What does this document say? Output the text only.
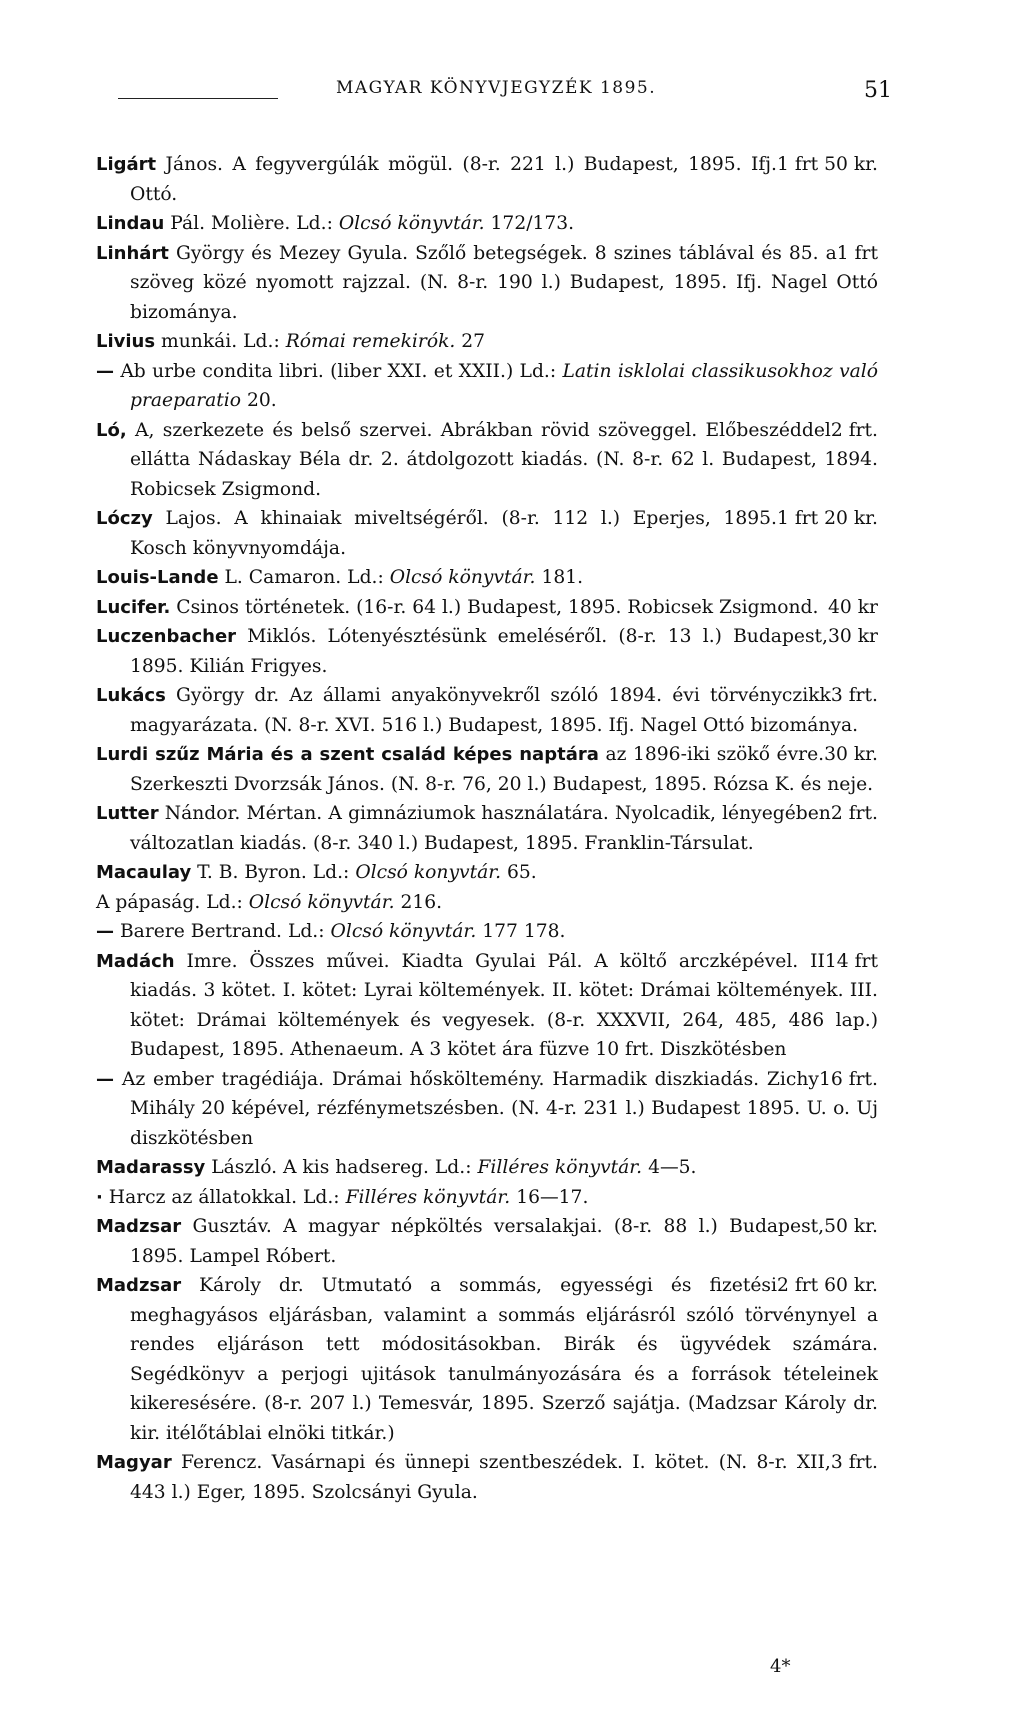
MAGYAR KÖNYVJEGYZÉK 1895.	51

1 frt 50 kr.
Ligárt János. A fegyvergúlák mögül. (8-r. 221 l.) Budapest, 1895. Ifj. Ottó.

Lindau Pál. Molière. Ld.: Olcsó könyvtár. 172/173.

1 frt
Linhárt György és Mezey Gyula. Szőlő betegségek. 8 szines táblával és 85. a szöveg közé nyomott rajzzal. (N. 8-r. 190 l.) Budapest, 1895. Ifj. Nagel Ottó bizománya.

Livius munkái. Ld.: Római remekirók. 27

— Ab urbe condita libri. (liber XXI. et XXII.) Ld.: Latin isklolai classikusokhoz való praeparatio 20.

2 frt.
Ló, A, szerkezete és belső szervei. Abrákban rövid szöveggel. Előbeszéddel ellátta Nádaskay Béla dr. 2. átdolgozott kiadás. (N. 8-r. 62 l. Budapest, 1894. Robicsek Zsigmond.

1 frt 20 kr.
Lóczy Lajos. A khinaiak miveltségéről. (8-r. 112 l.) Eperjes, 1895. Kosch könyvnyomdája.

Louis-Lande L. Camaron. Ld.: Olcsó könyvtár. 181.

40 kr
Lucifer. Csinos történetek. (16-r. 64 l.) Budapest, 1895. Robicsek Zsigmond.

30 kr
Luczenbacher Miklós. Lótenyésztésünk emeléséről. (8-r. 13 l.) Budapest, 1895. Kilián Frigyes.

3 frt.
Lukács György dr. Az állami anyakönyvekről szóló 1894. évi törvényczikk magyarázata. (N. 8-r. XVI. 516 l.) Budapest, 1895. Ifj. Nagel Ottó bizománya.

30 kr.
Lurdi szűz Mária és a szent család képes naptára az 1896-iki szökő évre. Szerkeszti Dvorzsák János. (N. 8-r. 76, 20 l.) Budapest, 1895. Rózsa K. és neje.

2 frt.
Lutter Nándor. Mértan. A gimnáziumok használatára. Nyolcadik, lényegében változatlan kiadás. (8-r. 340 l.) Budapest, 1895. Franklin-Társulat.

Macaulay T. B. Byron. Ld.: Olcsó konyvtár. 65.

A pápaság. Ld.: Olcsó könyvtár. 216.

— Barere Bertrand. Ld.: Olcsó könyvtár. 177 178.

14 frt
Madách Imre. Összes művei. Kiadta Gyulai Pál. A költő arczképével. II kiadás. 3 kötet. I. kötet: Lyrai költemények. II. kötet: Drámai költemények. III. kötet: Drámai költemények és vegyesek. (8-r. XXXVII, 264, 485, 486 lap.) Budapest, 1895. Athenaeum. A 3 kötet ára füzve 10 frt. Diszkötésben

16 frt.
— Az ember tragédiája. Drámai hősköltemény. Harmadik diszkiadás. Zichy Mihály 20 képével, rézfénymetszésben. (N. 4-r. 231 l.) Budapest 1895. U. o. Uj diszkötésben

Madarassy László. A kis hadsereg. Ld.: Filléres könyvtár. 4—5.

· Harcz az állatokkal. Ld.: Filléres könyvtár. 16—17.

50 kr.
Madzsar Gusztáv. A magyar népköltés versalakjai. (8-r. 88 l.) Budapest, 1895. Lampel Róbert.

2 frt 60 kr.
Madzsar Károly dr. Utmutató a sommás, egyességi és fizetési meghagyásos eljárásban, valamint a sommás eljárásról szóló törvénynyel a rendes eljáráson tett módositásokban. Birák és ügyvédek számára. Segédkönyv a perjogi ujitások tanulmányozására és a források tételeinek kikeresésére. (8-r. 207 l.) Temesvár, 1895. Szerző sajátja. (Madzsar Károly dr. kir. itélőtáblai elnöki titkár.)

3 frt.
Magyar Ferencz. Vasárnapi és ünnepi szentbeszédek. I. kötet. (N. 8-r. XII, 443 l.) Eger, 1895. Szolcsányi Gyula.

4*
